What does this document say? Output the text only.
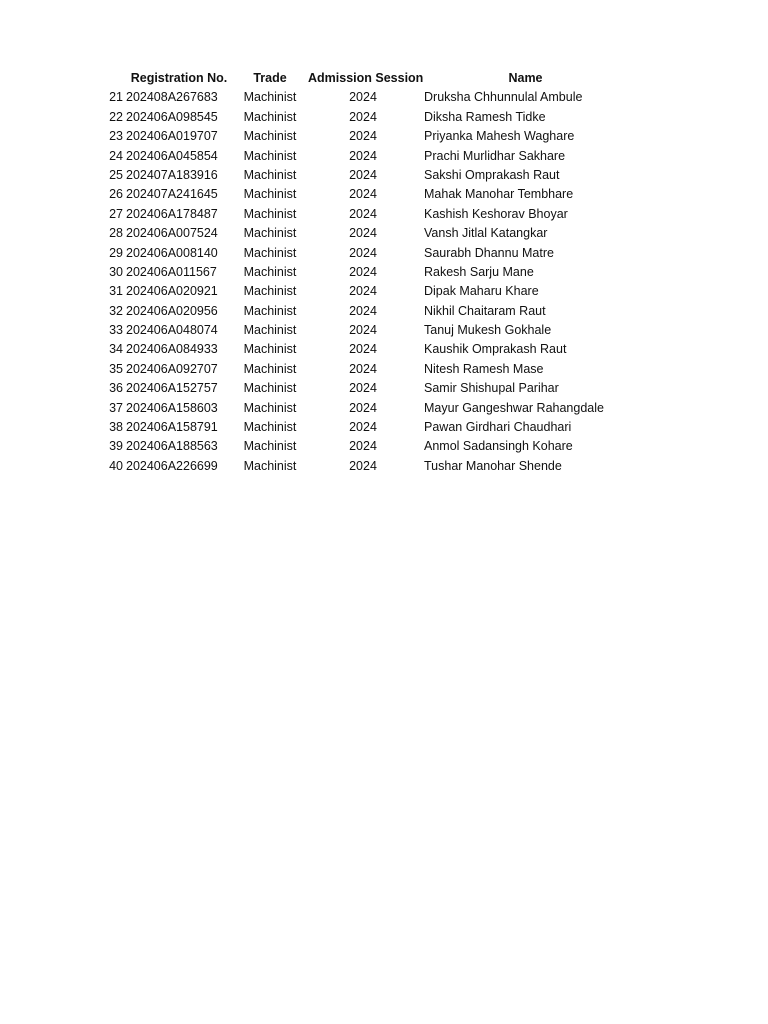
Registration No.	Trade	Admission Session	Name
21 202408A267683	Machinist	2024	Druksha Chhunnulal Ambule
22 202406A098545	Machinist	2024	Diksha Ramesh Tidke
23 202406A019707	Machinist	2024	Priyanka Mahesh Waghare
24 202406A045854	Machinist	2024	Prachi Murlidhar Sakhare
25 202407A183916	Machinist	2024	Sakshi Omprakash Raut
26 202407A241645	Machinist	2024	Mahak Manohar Tembhare
27 202406A178487	Machinist	2024	Kashish Keshorav Bhoyar
28 202406A007524	Machinist	2024	Vansh Jitlal Katangkar
29 202406A008140	Machinist	2024	Saurabh Dhannu Matre
30 202406A011567	Machinist	2024	Rakesh Sarju Mane
31 202406A020921	Machinist	2024	Dipak Maharu Khare
32 202406A020956	Machinist	2024	Nikhil Chaitaram Raut
33 202406A048074	Machinist	2024	Tanuj Mukesh Gokhale
34 202406A084933	Machinist	2024	Kaushik Omprakash Raut
35 202406A092707	Machinist	2024	Nitesh Ramesh Mase
36 202406A152757	Machinist	2024	Samir Shishupal Parihar
37 202406A158603	Machinist	2024	Mayur Gangeshwar Rahangdale
38 202406A158791	Machinist	2024	Pawan Girdhari Chaudhari
39 202406A188563	Machinist	2024	Anmol Sadansingh Kohare
40 202406A226699	Machinist	2024	Tushar Manohar Shende
